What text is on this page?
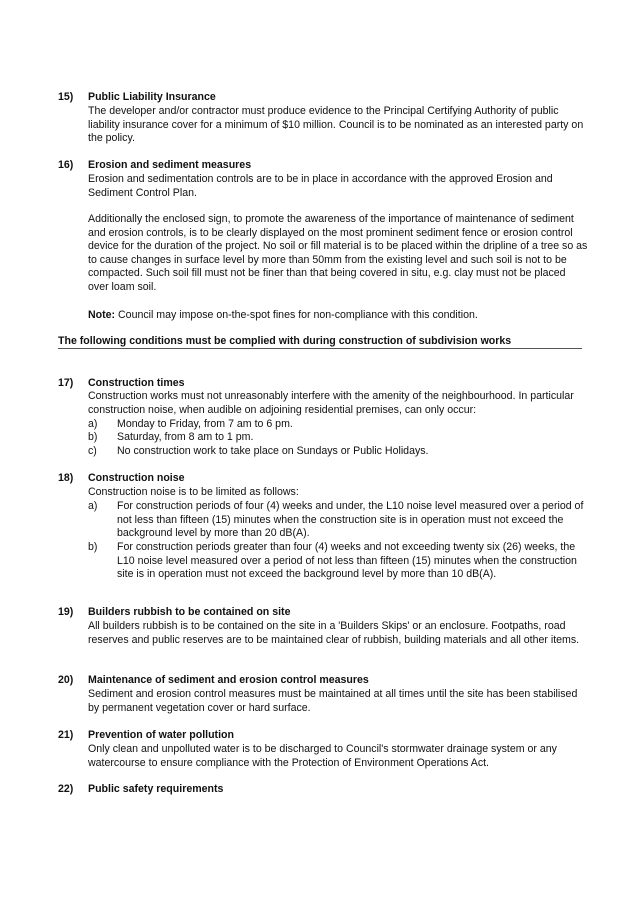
15) Public Liability Insurance
The developer and/or contractor must produce evidence to the Principal Certifying Authority of public liability insurance cover for a minimum of $10 million. Council is to be nominated as an interested party on the policy.
16) Erosion and sediment measures
Erosion and sedimentation controls are to be in place in accordance with the approved Erosion and Sediment Control Plan.
Additionally the enclosed sign, to promote the awareness of the importance of maintenance of sediment and erosion controls, is to be clearly displayed on the most prominent sediment fence or erosion control device for the duration of the project. No soil or fill material is to be placed within the dripline of a tree so as to cause changes in surface level by more than 50mm from the existing level and such soil is not to be compacted. Such soil fill must not be finer than that being covered in situ, e.g. clay must not be placed over loam soil.
Note: Council may impose on-the-spot fines for non-compliance with this condition.
The following conditions must be complied with during construction of subdivision works
17) Construction times
Construction works must not unreasonably interfere with the amenity of the neighbourhood. In particular construction noise, when audible on adjoining residential premises, can only occur:
a) Monday to Friday, from 7 am to 6 pm.
b) Saturday, from 8 am to 1 pm.
c) No construction work to take place on Sundays or Public Holidays.
18) Construction noise
Construction noise is to be limited as follows:
a) For construction periods of four (4) weeks and under, the L10 noise level measured over a period of not less than fifteen (15) minutes when the construction site is in operation must not exceed the background level by more than 20 dB(A).
b) For construction periods greater than four (4) weeks and not exceeding twenty six (26) weeks, the L10 noise level measured over a period of not less than fifteen (15) minutes when the construction site is in operation must not exceed the background level by more than 10 dB(A).
19) Builders rubbish to be contained on site
All builders rubbish is to be contained on the site in a 'Builders Skips' or an enclosure. Footpaths, road reserves and public reserves are to be maintained clear of rubbish, building materials and all other items.
20) Maintenance of sediment and erosion control measures
Sediment and erosion control measures must be maintained at all times until the site has been stabilised by permanent vegetation cover or hard surface.
21) Prevention of water pollution
Only clean and unpolluted water is to be discharged to Council's stormwater drainage system or any watercourse to ensure compliance with the Protection of Environment Operations Act.
22) Public safety requirements
